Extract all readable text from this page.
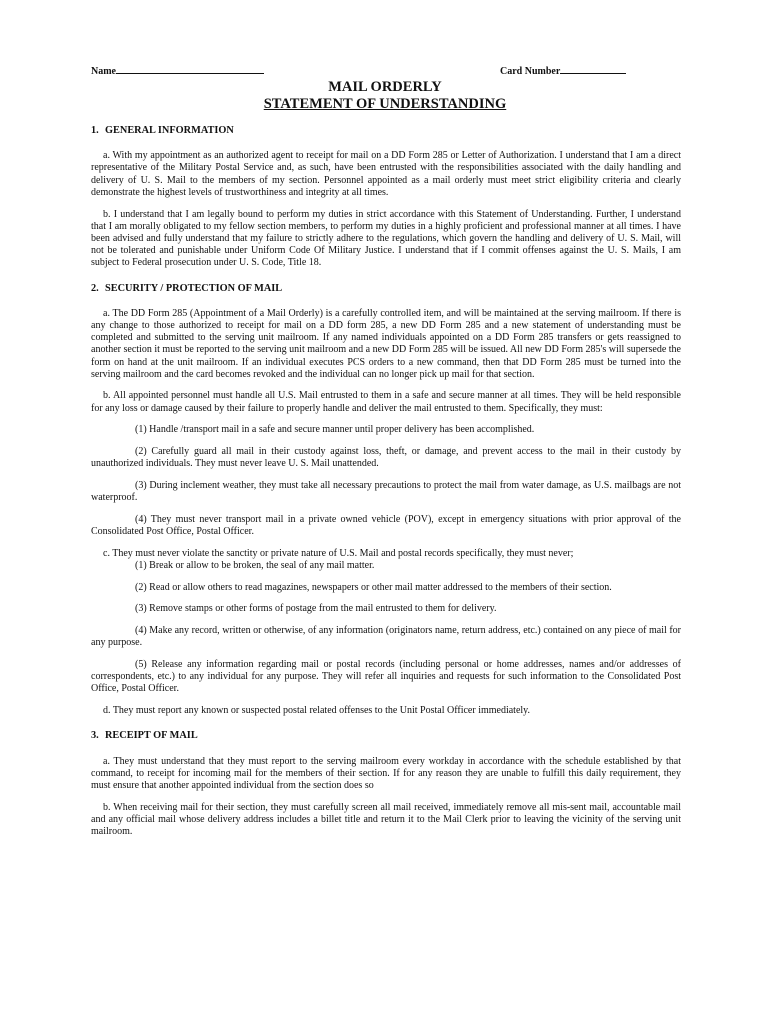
Name	Card Number
MAIL ORDERLY
STATEMENT OF UNDERSTANDING
1. GENERAL INFORMATION

a. With my appointment as an authorized agent to receipt for mail on a DD Form 285 or Letter of Authorization. I understand that I am a direct representative of the Military Postal Service and, as such, have been entrusted with the responsibilities associated with the daily handling and delivery of U. S. Mail to the members of my section. Personnel appointed as a mail orderly must meet strict eligibility criteria and clearly demonstrate the highest levels of trustworthiness and integrity at all times.

b. I understand that I am legally bound to perform my duties in strict accordance with this Statement of Understanding. Further, I understand that I am morally obligated to my fellow section members, to perform my duties in a highly proficient and professional manner at all times. I have been advised and fully understand that my failure to strictly adhere to the regulations, which govern the handling and delivery of U. S. Mail, will not be tolerated and punishable under Uniform Code Of Military Justice. I understand that if I commit offenses against the U. S. Mails, I am subject to Federal prosecution under U. S. Code, Title 18.

2. SECURITY / PROTECTION OF MAIL

a. The DD Form 285 (Appointment of a Mail Orderly) is a carefully controlled item, and will be maintained at the serving mailroom. If there is any change to those authorized to receipt for mail on a DD form 285, a new DD Form 285 and a new statement of understanding must be completed and submitted to the serving unit mailroom. If any named individuals appointed on a DD Form 285 transfers or gets reassigned to another section it must be reported to the serving unit mailroom and a new DD Form 285 will be issued. All new DD Form 285's will supersede the form on hand at the unit mailroom. If an individual executes PCS orders to a new command, then that DD Form 285 must be turned into the serving mailroom and the card becomes revoked and the individual can no longer pick up mail for that section.

b. All appointed personnel must handle all U.S. Mail entrusted to them in a safe and secure manner at all times. They will be held responsible for any loss or damage caused by their failure to properly handle and deliver the mail entrusted to them. Specifically, they must:

(1) Handle /transport mail in a safe and secure manner until proper delivery has been accomplished.

(2) Carefully guard all mail in their custody against loss, theft, or damage, and prevent access to the mail in their custody by unauthorized individuals. They must never leave U. S. Mail unattended.

(3) During inclement weather, they must take all necessary precautions to protect the mail from water damage, as U.S. mailbags are not waterproof.

(4) They must never transport mail in a private owned vehicle (POV), except in emergency situations with prior approval of the Consolidated Post Office, Postal Officer.

c. They must never violate the sanctity or private nature of U.S. Mail and postal records specifically, they must never;

(1) Break or allow to be broken, the seal of any mail matter.

(2) Read or allow others to read magazines, newspapers or other mail matter addressed to the members of their section.

(3) Remove stamps or other forms of postage from the mail entrusted to them for delivery.

(4) Make any record, written or otherwise, of any information (originators name, return address, etc.) contained on any piece of mail for any purpose.

(5) Release any information regarding mail or postal records (including personal or home addresses, names and/or addresses of correspondents, etc.) to any individual for any purpose. They will refer all inquiries and requests for such information to the Consolidated Post Office, Postal Officer.

d. They must report any known or suspected postal related offenses to the Unit Postal Officer immediately.

3. RECEIPT OF MAIL

a. They must understand that they must report to the serving mailroom every workday in accordance with the schedule established by that command, to receipt for incoming mail for the members of their section. If for any reason they are unable to fulfill this daily requirement, they must ensure that another appointed individual from the section does so

b. When receiving mail for their section, they must carefully screen all mail received, immediately remove all mis-sent mail, accountable mail and any official mail whose delivery address includes a billet title and return it to the Mail Clerk prior to leaving the vicinity of the serving unit mailroom.
